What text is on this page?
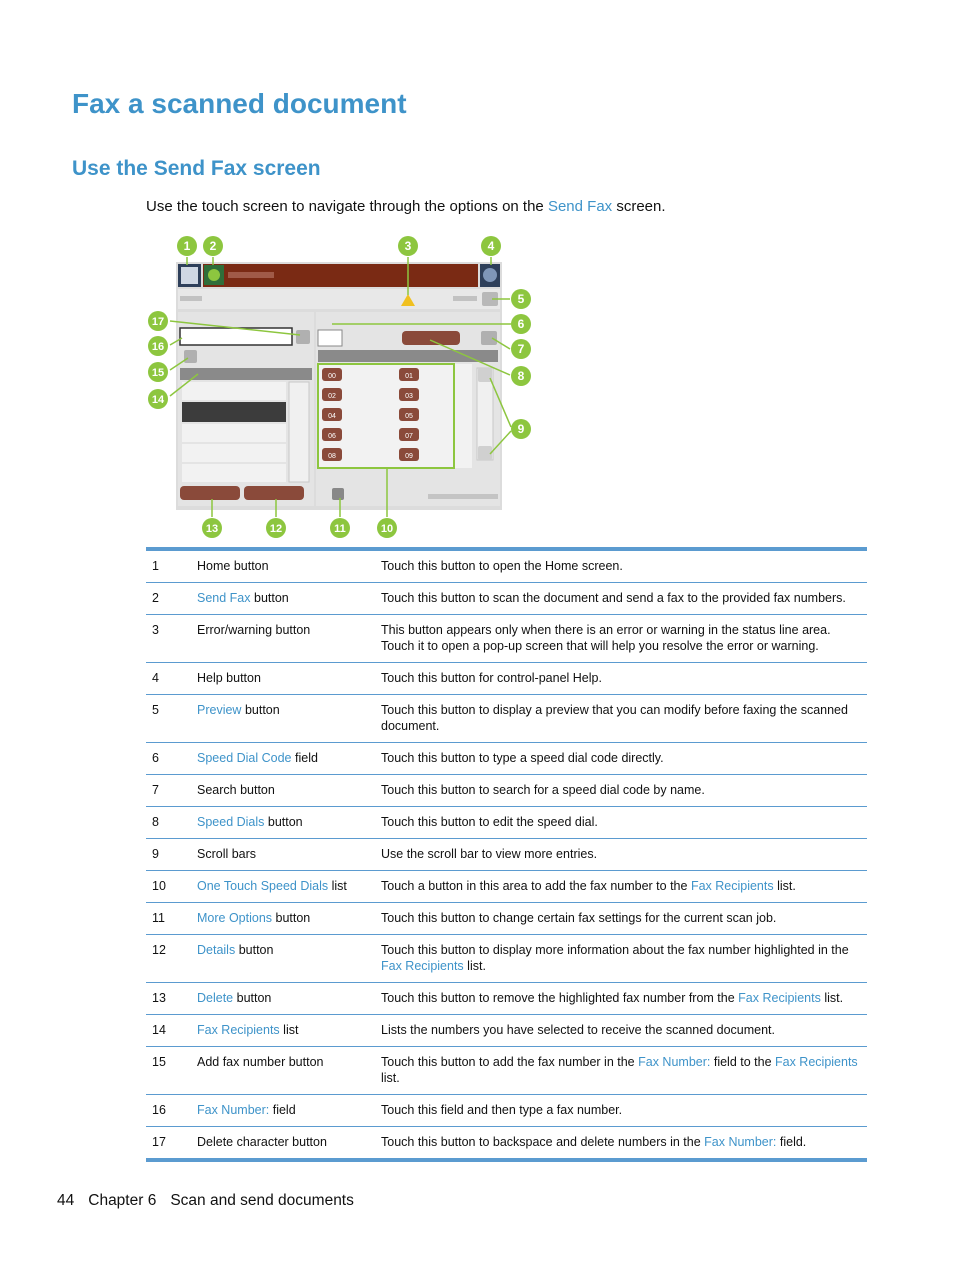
Fax a scanned document
Use the Send Fax screen
Use the touch screen to navigate through the options on the Send Fax screen.
00	01
02	03
04	05
06	07
08	09
1 2	3	4
5
6
7
8
9
10
11
12
13
14
15
16
17
1	Home button	Touch this button to open the Home screen.
2	Send Fax button	Touch this button to scan the document and send a fax to the provided fax numbers.
3	Error/warning button	This button appears only when there is an error or warning in the status line area. Touch it to open a pop-up screen that will help you resolve the error or warning.
4	Help button	Touch this button for control-panel Help.
5	Preview button	Touch this button to display a preview that you can modify before faxing the scanned document.
6	Speed Dial Code field	Touch this button to type a speed dial code directly.
7	Search button	Touch this button to search for a speed dial code by name.
8	Speed Dials button	Touch this button to edit the speed dial.
9	Scroll bars	Use the scroll bar to view more entries.
10	One Touch Speed Dials list	Touch a button in this area to add the fax number to the Fax Recipients list.
11	More Options button	Touch this button to change certain fax settings for the current scan job.
12	Details button	Touch this button to display more information about the fax number highlighted in the Fax Recipients list.
13	Delete button	Touch this button to remove the highlighted fax number from the Fax Recipients list.
14	Fax Recipients list	Lists the numbers you have selected to receive the scanned document.
15	Add fax number button	Touch this button to add the fax number in the Fax Number: field to the Fax Recipients list.
16	Fax Number: field	Touch this field and then type a fax number.
17	Delete character button	Touch this button to backspace and delete numbers in the Fax Number: field.
44 Chapter 6 Scan and send documents
